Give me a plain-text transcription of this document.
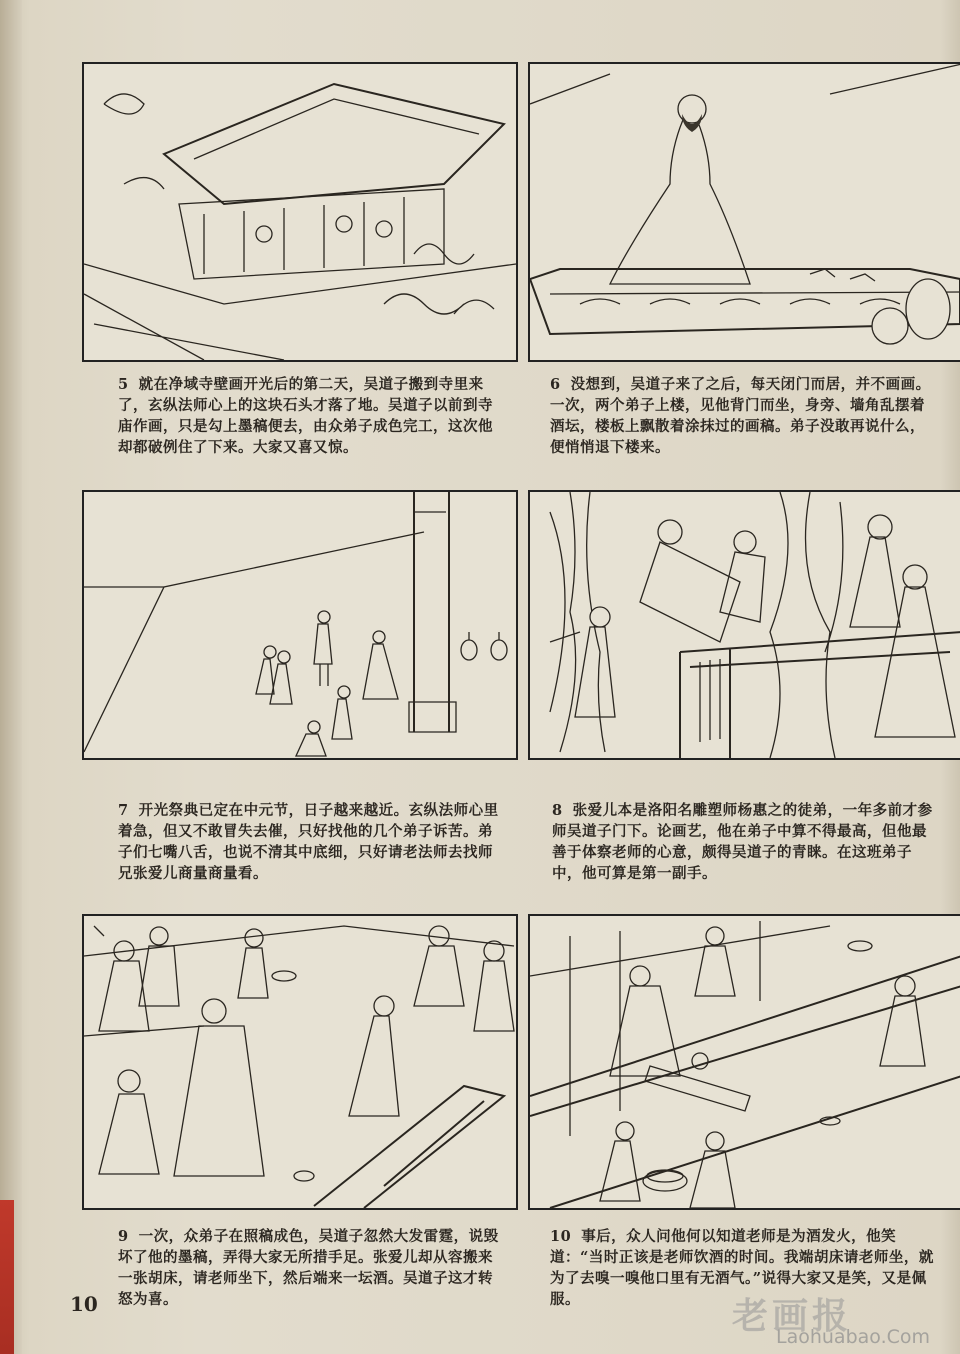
5 就在净域寺壁画开光后的第二天，吴道子搬到寺里来了，玄纵法师心上的这块石头才落了地。吴道子以前到寺庙作画，只是勾上墨稿便去，由众弟子成色完工，这次他却都破例住了下来。大家又喜又惊。
6 没想到，吴道子来了之后，每天闭门而居，并不画画。一次，两个弟子上楼，见他背门而坐，身旁、墙角乱摆着酒坛，楼板上飘散着涂抹过的画稿。弟子没敢再说什么，便悄悄退下楼来。
7 开光祭典已定在中元节，日子越来越近。玄纵法师心里着急，但又不敢冒失去催，只好找他的几个弟子诉苦。弟子们七嘴八舌，也说不清其中底细，只好请老法师去找师兄张爱儿商量商量看。
8 张爱儿本是洛阳名雕塑师杨惠之的徒弟，一年多前才参师吴道子门下。论画艺，他在弟子中算不得最高，但他最善于体察老师的心意，颇得吴道子的青睐。在这班弟子中，他可算是第一副手。
9 一次，众弟子在照稿成色，吴道子忽然大发雷霆，说毁坏了他的墨稿，弄得大家无所措手足。张爱儿却从容搬来一张胡床，请老师坐下，然后端来一坛酒。吴道子这才转怒为喜。
10 事后，众人问他何以知道老师是为酒发火，他笑道：“当时正该是老师饮酒的时间。我端胡床请老师坐，就为了去嗅一嗅他口里有无酒气。”说得大家又是笑，又是佩服。
10	老画报
Laohuabao.Com
